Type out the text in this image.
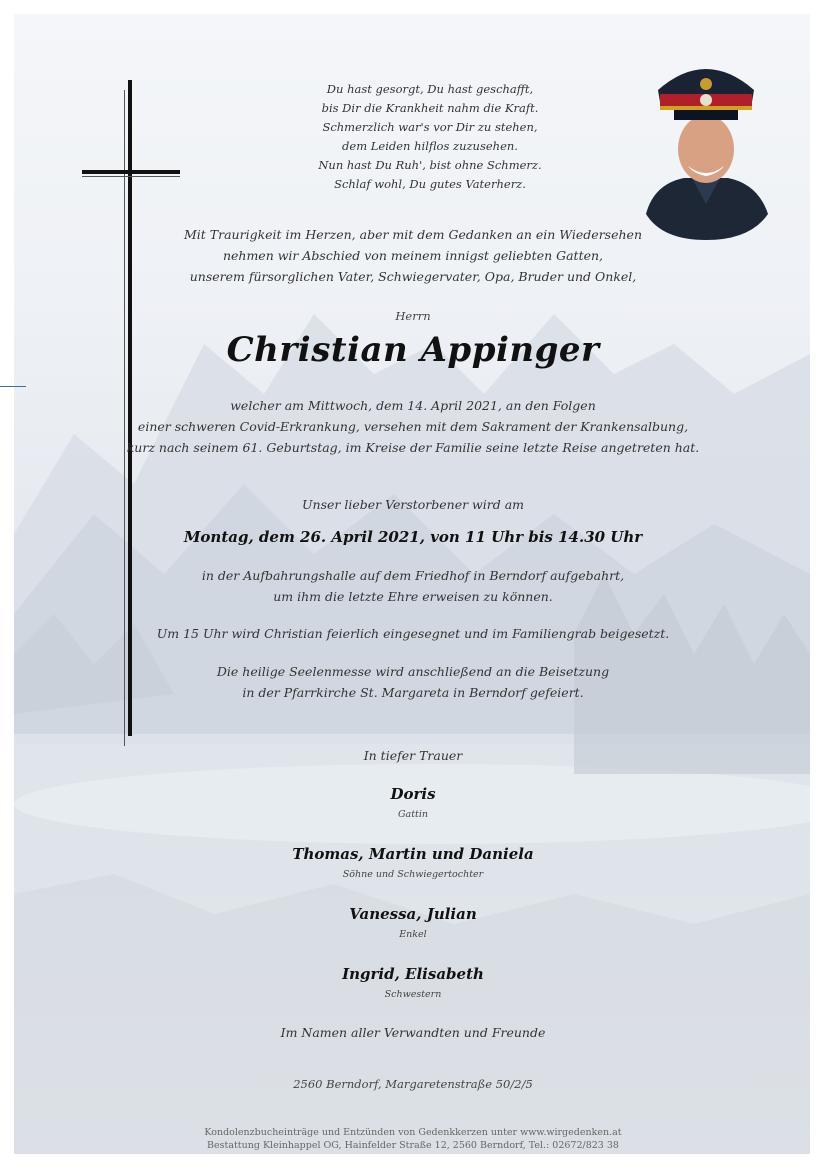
Du hast gesorgt, Du hast geschafft,
bis Dir die Krankheit nahm die Kraft.
Schmerzlich war's vor Dir zu stehen,
dem Leiden hilflos zuzusehen.
Nun hast Du Ruh', bist ohne Schmerz.
Schlaf wohl, Du gutes Vaterherz.
Mit Traurigkeit im Herzen, aber mit dem Gedanken an ein Wiedersehen
nehmen wir Abschied von meinem innigst geliebten Gatten,
unserem fürsorglichen Vater, Schwiegervater, Opa, Bruder und Onkel,
Herrn
Christian Appinger
welcher am Mittwoch, dem 14. April 2021, an den Folgen
einer schweren Covid-Erkrankung, versehen mit dem Sakrament der Krankensalbung,
kurz nach seinem 61. Geburtstag, im Kreise der Familie seine letzte Reise angetreten hat.
Unser lieber Verstorbener wird am
Montag, dem 26. April 2021, von 11 Uhr bis 14.30 Uhr
in der Aufbahrungshalle auf dem Friedhof in Berndorf aufgebahrt,
um ihm die letzte Ehre erweisen zu können.
Um 15 Uhr wird Christian feierlich eingesegnet und im Familiengrab beigesetzt.
Die heilige Seelenmesse wird anschließend an die Beisetzung
in der Pfarrkirche St. Margareta in Berndorf gefeiert.
In tiefer Trauer
Doris
Gattin
Thomas, Martin und Daniela
Söhne und Schwiegertochter
Vanessa, Julian
Enkel
Ingrid, Elisabeth
Schwestern
Im Namen aller Verwandten und Freunde
2560 Berndorf, Margaretenstraße 50/2/5
Kondolenzbucheinträge und Entzünden von Gedenkkerzen unter www.wirgedenken.at
Bestattung Kleinhappel OG, Hainfelder Straße 12, 2560 Berndorf, Tel.: 02672/823 38
